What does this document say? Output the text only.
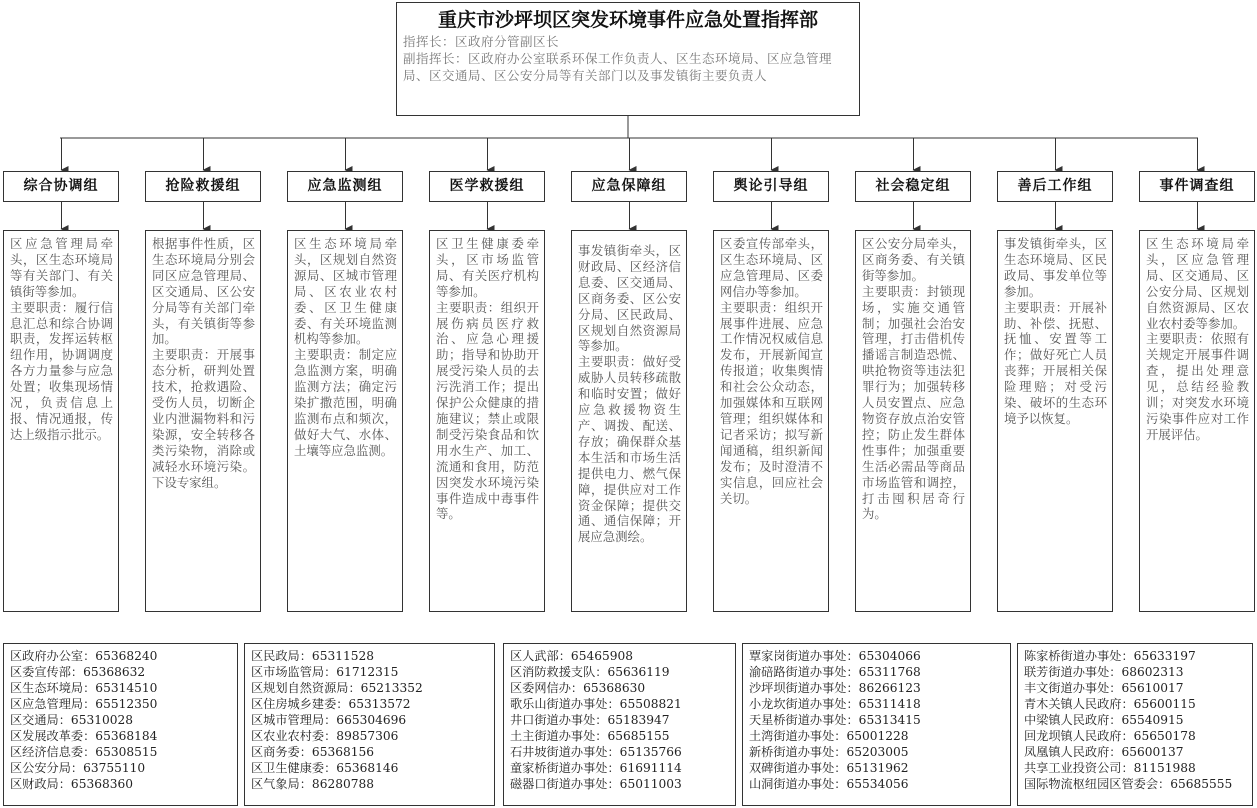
重庆市沙坪坝区突发环境事件应急处置指挥部
指挥长：区政府分管副区长
副指挥长：区政府办公室联系环保工作负责人、区生态环境局、区应急管理局、区交通局、区公安分局等有关部门以及事发镇街主要负责人
综合协调组

区应急管理局牵头，区生态环境局等有关部门、有关镇街等参加。

主要职责：履行信息汇总和综合协调职责，发挥运转枢纽作用，协调调度各方力量参与应急处置；收集现场情况，负责信息上报、情况通报，传达上级指示批示。

抢险救援组

根据事件性质，区生态环境局分别会同区应急管理局、区交通局、区公安分局等有关部门牵头，有关镇街等参加。

主要职责：开展事态分析，研判处置技术，抢救遇险、受伤人员，切断企业内泄漏物料和污染源，安全转移各类污染物，消除或减轻水环境污染。下设专家组。

应急监测组

区生态环境局牵头，区规划自然资源局、区城市管理局、区农业农村委、区卫生健康委、有关环境监测机构等参加。

主要职责：制定应急监测方案，明确监测方法；确定污染扩撒范围，明确监测布点和频次，做好大气、水体、土壤等应急监测。

医学救援组

区卫生健康委牵头，区市场监管局、有关医疗机构等参加。

主要职责：组织开展伤病员医疗救治、应急心理援助；指导和协助开展受污染人员的去污洗消工作；提出保护公众健康的措施建议；禁止或限制受污染食品和饮用水生产、加工、流通和食用，防范因突发水环境污染事件造成中毒事件等。

应急保障组

事发镇街牵头，区财政局、区经济信息委、区交通局、区商务委、区公安分局、区民政局、区规划自然资源局等参加。

主要职责：做好受威胁人员转移疏散和临时安置；做好应急救援物资生产、调拨、配送、存放；确保群众基本生活和市场生活提供电力、燃气保障，提供应对工作资金保障；提供交通、通信保障；开展应急测绘。

舆论引导组

区委宣传部牵头，区生态环境局、区应急管理局、区委网信办等参加。

主要职责：组织开展事件进展、应急工作情况权威信息发布，开展新闻宣传报道；收集舆情和社会公众动态，加强媒体和互联网管理；组织媒体和记者采访；拟写新闻通稿，组织新闻发布；及时澄清不实信息，回应社会关切。

社会稳定组

区公安分局牵头，区商务委、有关镇街等参加。

主要职责：封锁现场，实施交通管制；加强社会治安管理，打击借机传播谣言制造恐慌、哄抢物资等违法犯罪行为；加强转移人员安置点、应急物资存放点治安管控；防止发生群体性事件；加强重要生活必需品等商品市场监管和调控，打击囤积居奇行为。

善后工作组

事发镇街牵头，区生态环境局、区民政局、事发单位等参加。

主要职责：开展补助、补偿、抚慰、抚恤、安置等工作；做好死亡人员丧葬；开展相关保险理赔；对受污染、破坏的生态环境予以恢复。

事件调查组

区生态环境局牵头，区应急管理局、区交通局、区公安分局、区规划自然资源局、区农业农村委等参加。

主要职责：依照有关规定开展事件调查，提出处理意见，总结经验教训；对突发水环境污染事件应对工作开展评估。

区政府办公室：65368240
区委宣传部：65368632
区生态环境局：65314510
区应急管理局：65512350
区交通局：65310028
区发展改革委：65368184
区经济信息委：65308515
区公安分局：63755110
区财政局：65368360
区民政局：65311528
区市场监管局：61712315
区规划自然资源局：65213352
区住房城乡建委：65313572
区城市管理局：665304696
区农业农村委：89857306
区商务委：65368156
区卫生健康委：65368146
区气象局：86280788
区人武部：65465908
区消防救援支队：65636119
区委网信办：65368630
歌乐山街道办事处：65508821
井口街道办事处：65183947
土主街道办事处：65685155
石井坡街道办事处：65135766
童家桥街道办事处：61691114
磁器口街道办事处：65011003
覃家岗街道办事处：65304066
渝碚路街道办事处：65311768
沙坪坝街道办事处：86266123
小龙坎街道办事处：65311418
天星桥街道办事处：65313415
土湾街道办事处：65001228
新桥街道办事处：65203005
双碑街道办事处：65131962
山洞街道办事处：65534056
陈家桥街道办事处：65633197
联芳街道办事处：68602313
丰文街道办事处：65610017
青木关镇人民政府：65600115
中梁镇人民政府：65540915
回龙坝镇人民政府：65650178
凤凰镇人民政府：65600137
共享工业投资公司：81151988
国际物流枢纽园区管委会：65685555
